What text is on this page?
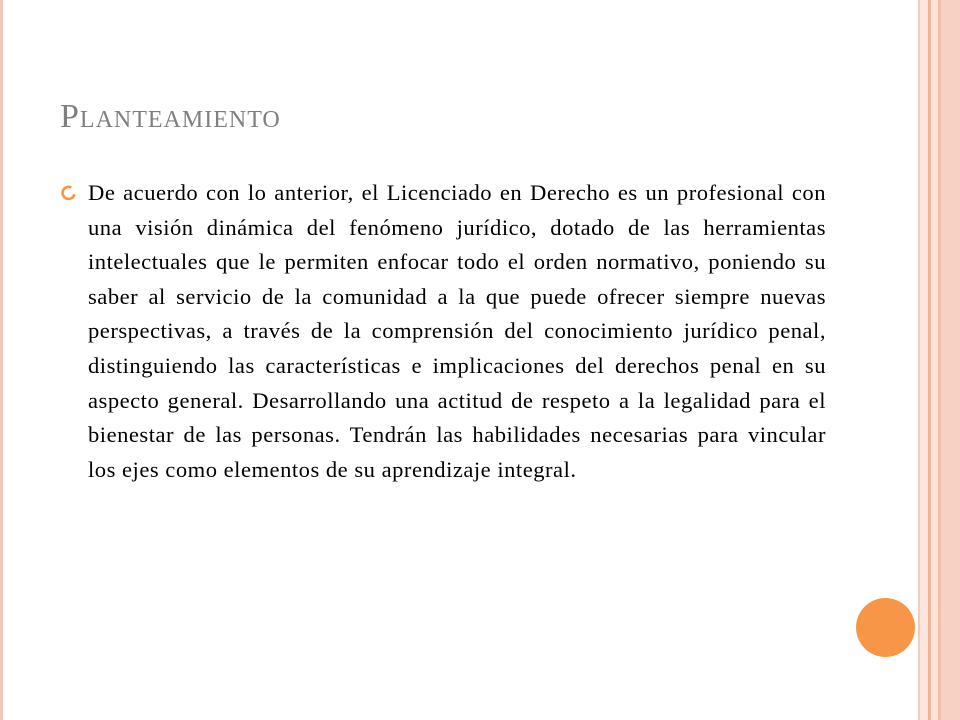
Planteamiento

De acuerdo con lo anterior, el Licenciado en Derecho es un profesional con una visión dinámica del fenómeno jurídico, dotado de las herramientas intelectuales que le permiten enfocar todo el orden normativo, poniendo su saber al servicio de la comunidad a la que puede ofrecer siempre nuevas perspectivas, a través de la comprensión del conocimiento jurídico penal, distinguiendo las características e implicaciones del derechos penal en su aspecto general. Desarrollando una actitud de respeto a la legalidad para el bienestar de las personas. Tendrán las habilidades necesarias para vincular los ejes como elementos de su aprendizaje integral.
